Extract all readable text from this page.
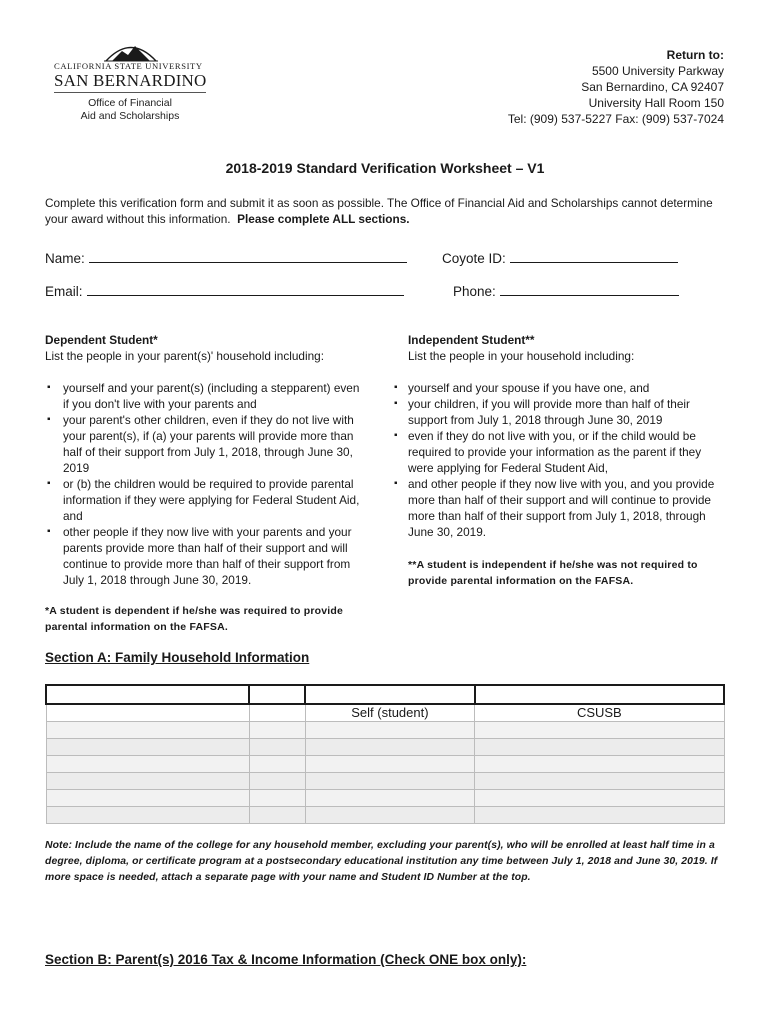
CALIFORNIA STATE UNIVERSITY
SAN BERNARDINO
Office of Financial
Aid and Scholarships
Return to:
5500 University Parkway
San Bernardino, CA 92407
University Hall Room 150
Tel: (909) 537-5227 Fax: (909) 537-7024
2018-2019 Standard Verification Worksheet – V1
Complete this verification form and submit it as soon as possible. The Office of Financial Aid and Scholarships cannot determine your award without this information. Please complete ALL sections.
Name:	Coyote ID:
Email:	Phone:
Dependent Student*
List the people in your parent(s)' household including:
▪ yourself and your parent(s) (including a stepparent) even if you don't live with your parents and
▪ your parent's other children, even if they do not live with your parent(s), if (a) your parents will provide more than half of their support from July 1, 2018, through June 30, 2019
▪ or (b) the children would be required to provide parental information if they were applying for Federal Student Aid, and
▪ other people if they now live with your parents and your parents provide more than half of their support and will continue to provide more than half of their support from July 1, 2018 through June 30, 2019.
*A student is dependent if he/she was required to provide parental information on the FAFSA.
Independent Student**
List the people in your household including:
▪ yourself and your spouse if you have one, and
▪ your children, if you will provide more than half of their support from July 1, 2018 through June 30, 2019
▪ even if they do not live with you, or if the child would be required to provide your information as the parent if they were applying for Federal Student Aid,
▪ and other people if they now live with you, and you provide more than half of their support and will continue to provide more than half of their support from July 1, 2018, through June 30, 2019.
**A student is independent if he/she was not required to provide parental information on the FAFSA.
Section A: Family Household Information

		Self (student)	CSUSB

Note: Include the name of the college for any household member, excluding your parent(s), who will be enrolled at least half time in a degree, diploma, or certificate program at a postsecondary educational institution any time between July 1, 2018 and June 30, 2019. If more space is needed, attach a separate page with your name and Student ID Number at the top.
Section B: Parent(s) 2016 Tax & Income Information (Check ONE box only):
